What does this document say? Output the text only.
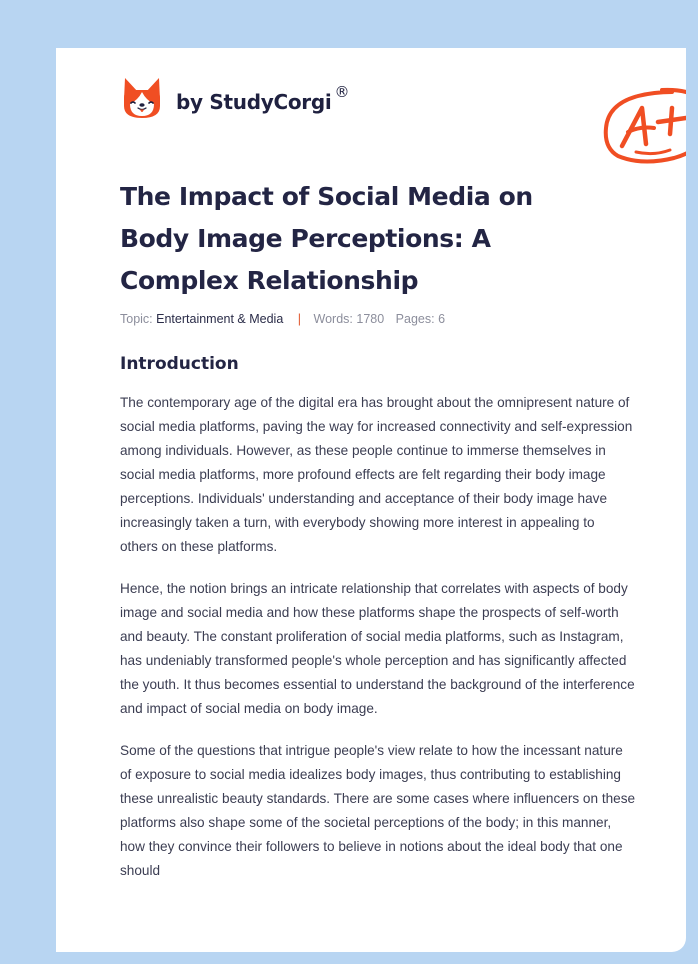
by StudyCorgi ®
The Impact of Social Media on Body Image Perceptions: A Complex Relationship
Topic: Entertainment & Media | Words: 1780 Pages: 6
Introduction

The contemporary age of the digital era has brought about the omnipresent nature of social media platforms, paving the way for increased connectivity and self-expression among individuals. However, as these people continue to immerse themselves in social media platforms, more profound effects are felt regarding their body image perceptions. Individuals' understanding and acceptance of their body image have increasingly taken a turn, with everybody showing more interest in appealing to others on these platforms.

Hence, the notion brings an intricate relationship that correlates with aspects of body image and social media and how these platforms shape the prospects of self-worth and beauty. The constant proliferation of social media platforms, such as Instagram, has undeniably transformed people's whole perception and has significantly affected the youth. It thus becomes essential to understand the background of the interference and impact of social media on body image.

Some of the questions that intrigue people's view relate to how the incessant nature of exposure to social media idealizes body images, thus contributing to establishing these unrealistic beauty standards. There are some cases where influencers on these platforms also shape some of the societal perceptions of the body; in this manner, how they convince their followers to believe in notions about the ideal body that one should
